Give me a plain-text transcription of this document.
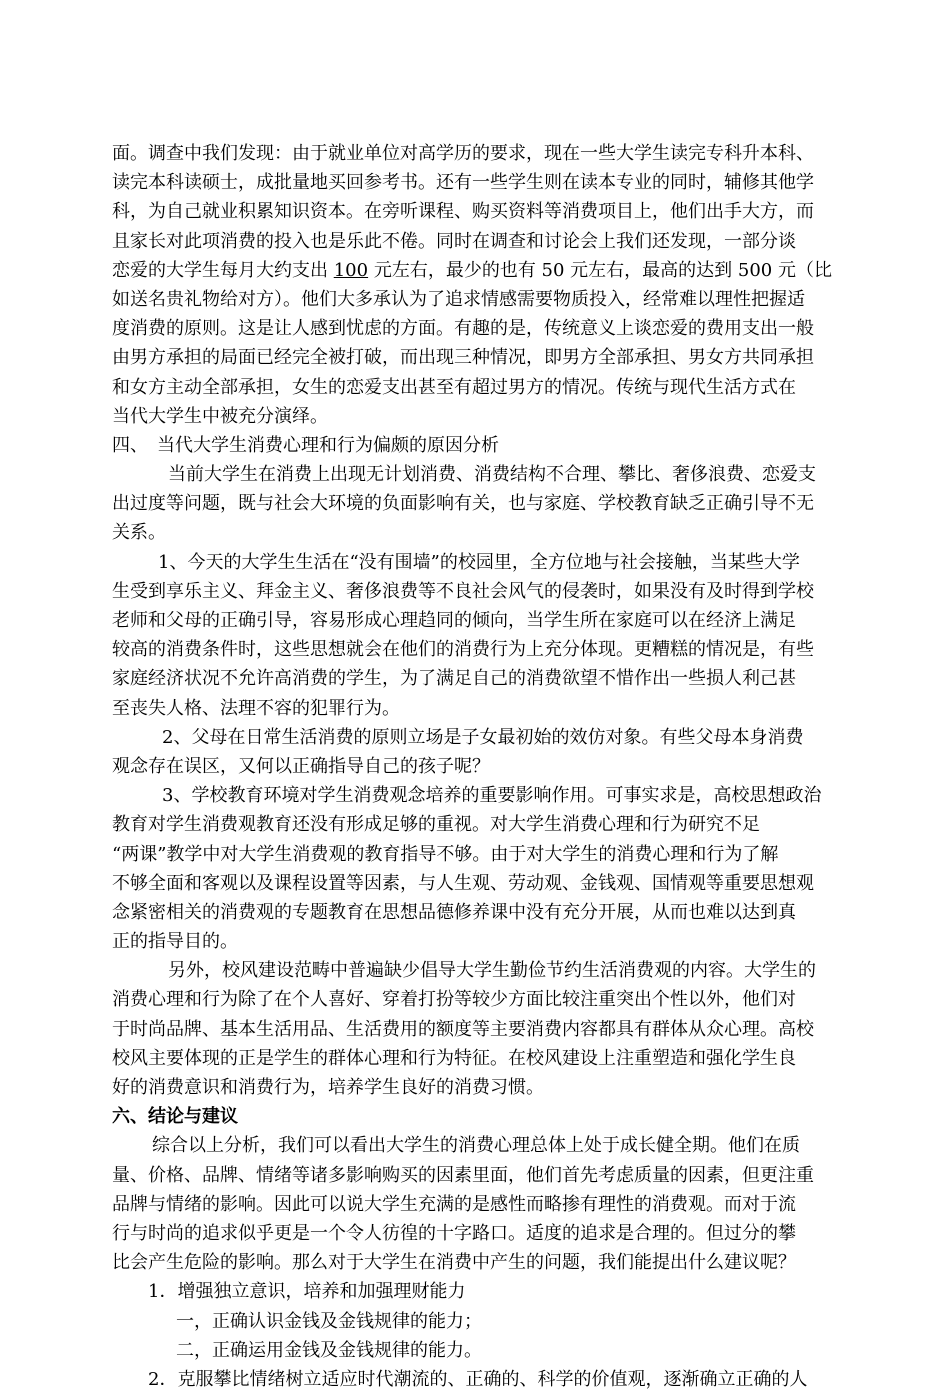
面。调查中我们发现：由于就业单位对高学历的要求，现在一些大学生读完专科升本科、
读完本科读硕士，成批量地买回参考书。还有一些学生则在读本专业的同时，辅修其他学
科，为自己就业积累知识资本。在旁听课程、购买资料等消费项目上，他们出手大方，而
且家长对此项消费的投入也是乐此不倦。同时在调查和讨论会上我们还发现，一部分谈
恋爱的大学生每月大约支出 100 元左右，最少的也有 50 元左右，最高的达到 500 元（比
如送名贵礼物给对方）。他们大多承认为了追求情感需要物质投入，经常难以理性把握适
度消费的原则。这是让人感到忧虑的方面。有趣的是，传统意义上谈恋爱的费用支出一般
由男方承担的局面已经完全被打破，而出现三种情况，即男方全部承担、男女方共同承担
和女方主动全部承担，女生的恋爱支出甚至有超过男方的情况。传统与现代生活方式在
当代大学生中被充分演绎。
四、　当代大学生消费心理和行为偏颇的原因分析
当前大学生在消费上出现无计划消费、消费结构不合理、攀比、奢侈浪费、恋爱支
出过度等问题，既与社会大环境的负面影响有关，也与家庭、学校教育缺乏正确引导不无
关系。
1、今天的大学生生活在“没有围墙”的校园里，全方位地与社会接触，当某些大学
生受到享乐主义、拜金主义、奢侈浪费等不良社会风气的侵袭时，如果没有及时得到学校
老师和父母的正确引导，容易形成心理趋同的倾向，当学生所在家庭可以在经济上满足
较高的消费条件时，这些思想就会在他们的消费行为上充分体现。更糟糕的情况是，有些
家庭经济状况不允许高消费的学生，为了满足自己的消费欲望不惜作出一些损人利己甚
至丧失人格、法理不容的犯罪行为。
2、父母在日常生活消费的原则立场是子女最初始的效仿对象。有些父母本身消费
观念存在误区，又何以正确指导自己的孩子呢？
3、学校教育环境对学生消费观念培养的重要影响作用。可事实求是，高校思想政治
教育对学生消费观教育还没有形成足够的重视。对大学生消费心理和行为研究不足
“两课”教学中对大学生消费观的教育指导不够。由于对大学生的消费心理和行为了解
不够全面和客观以及课程设置等因素，与人生观、劳动观、金钱观、国情观等重要思想观
念紧密相关的消费观的专题教育在思想品德修养课中没有充分开展，从而也难以达到真
正的指导目的。
另外，校风建设范畴中普遍缺少倡导大学生勤俭节约生活消费观的内容。大学生的
消费心理和行为除了在个人喜好、穿着打扮等较少方面比较注重突出个性以外，他们对
于时尚品牌、基本生活用品、生活费用的额度等主要消费内容都具有群体从众心理。高校
校风主要体现的正是学生的群体心理和行为特征。在校风建设上注重塑造和强化学生良
好的消费意识和消费行为，培养学生良好的消费习惯。
六、结论与建议
综合以上分析，我们可以看出大学生的消费心理总体上处于成长健全期。他们在质
量、价格、品牌、情绪等诸多影响购买的因素里面，他们首先考虑质量的因素，但更注重
品牌与情绪的影响。因此可以说大学生充满的是感性而略掺有理性的消费观。而对于流
行与时尚的追求似乎更是一个令人彷徨的十字路口。适度的追求是合理的。但过分的攀
比会产生危险的影响。那么对于大学生在消费中产生的问题，我们能提出什么建议呢？
1．增强独立意识，培养和加强理财能力
一，正确认识金钱及金钱规律的能力；
二，正确运用金钱及金钱规律的能力。
2．克服攀比情绪树立适应时代潮流的、正确的、科学的价值观，逐渐确立正确的人
